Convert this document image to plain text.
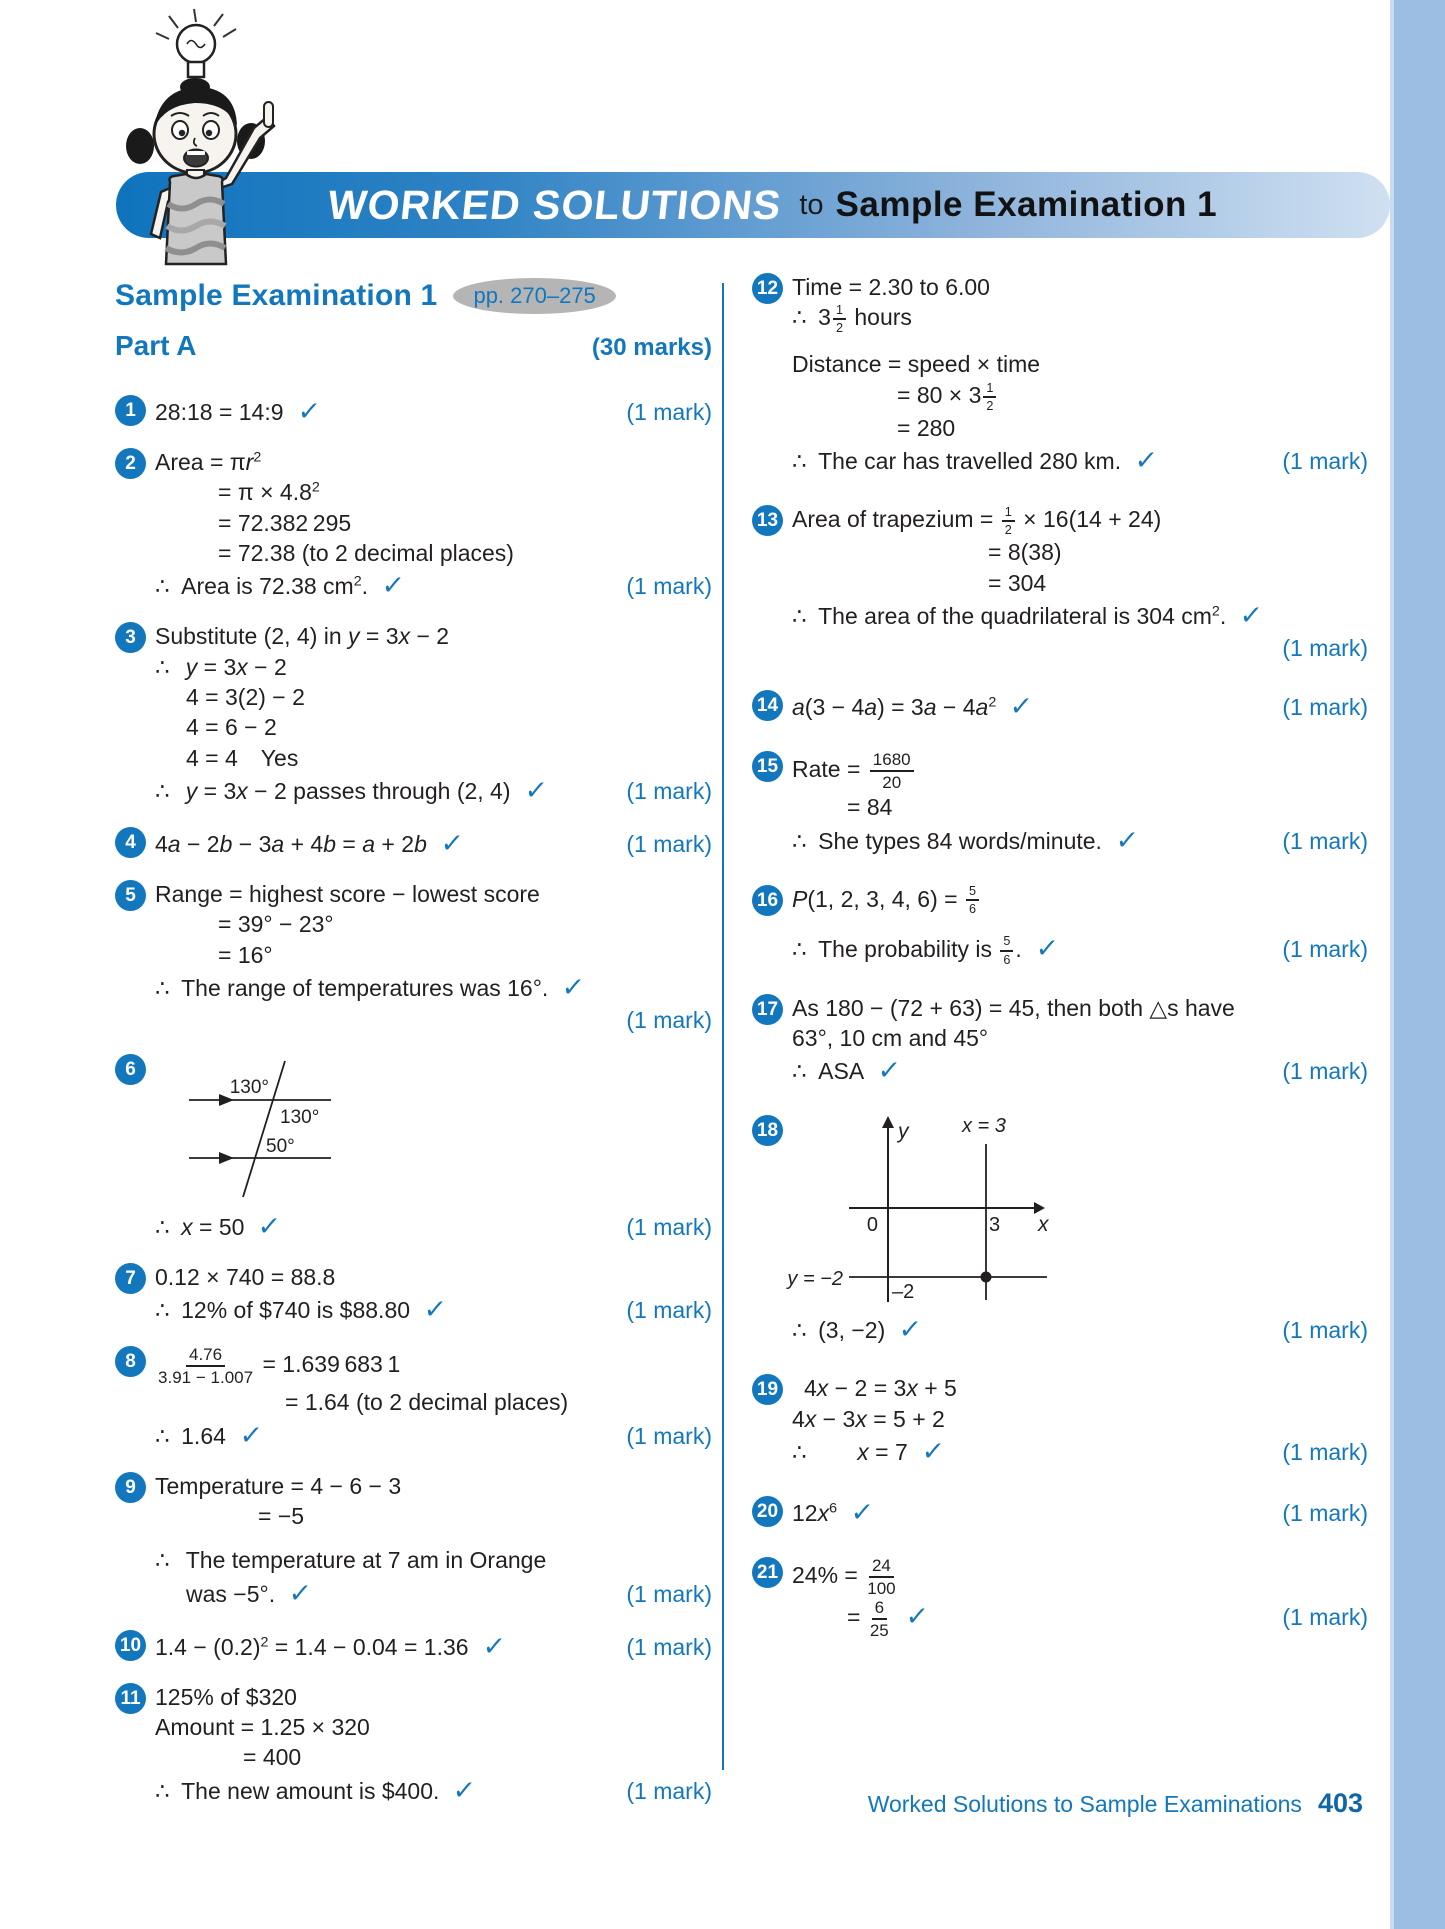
WORKED SOLUTIONS to Sample Examination 1
Sample Examination 1	pp. 270–275
Part A	(30 marks)
1 28:18 = 14:9 ✓	(1 mark)
2 Area = $\pi r^2$
= $\pi \times 4.8^2$
= 72.382 295
= 72.38 (to 2 decimal places)
∴ Area is 72.38 $cm^2$. ✓	(1 mark)
3 Substitute (2, 4) in y = 3x − 2
∴  y = 3x − 2
4 = 3(2) − 2
4 = 6 − 2
4 = 4 Yes
∴  y = 3x − 2 passes through (2, 4) ✓	(1 mark)
4 4a − 2b − 3a + 4b = a + 2b ✓	(1 mark)
5 Range = highest score − lowest score
= 39° − 23°
= 16°
∴ The range of temperatures was 16°. ✓
(1 mark)
6
130°
130°
50°
∴ x = 50 ✓	(1 mark)
7 0.12 × 740 = 88.8
∴ 12% of $740 is $88.80 ✓	(1 mark)
8	$\frac{4.76}{3.91 - 1.007} = 1.639$ 683 1
= 1.64 (to 2 decimal places)
∴ 1.64 ✓	(1 mark)
9 Temperature = 4 − 6 − 3
= −5
∴  The temperature at 7 am in Orange
was −5°. ✓	(1 mark)
10 $1.4 - (0.2)^2 = 1.4 - 0.04 = 1.36$ ✓	(1 mark)
11 125% of $320
Amount = 1.25 × 320
= 400
∴ The new amount is $400. ✓	(1 mark)
12 Time = 2.30 to 6.00
∴ $3 \frac{1}{2}$ hours
Distance = speed × time
= $80 \times 3 \frac{1}{2}$
= 280
∴ The car has travelled 280 km. ✓	(1 mark)
13 Area of trapezium = $\frac{1}{2} \times 16(14 + 24)$
= 8(38)
= 304
∴ The area of the quadrilateral is 304 $cm^2$. ✓
(1 mark)
14 $a(3 - 4a) = 3a - 4a^2$ ✓	(1 mark)
15 Rate = $\frac{1680}{20}$
= 84
∴ She types 84 words/minute. ✓	(1 mark)
16 P(1, 2, 3, 4, $6) = \frac{5}{6}$
∴ The probability is $\frac{5}{6}$ . ✓	(1 mark)
17 As 180 − (72 + 63) = 45, then both △s have
63°, 10 cm and 45°
∴ ASA ✓	(1 mark)
18	y
x
x = 3
0	3
y = −2
–2
∴ (3, −2) ✓	(1 mark)
19	4x − 2 = 3x + 5
4x − 3x = 5 + 2
∴   x = 7 ✓	(1 mark)
20 $12x^6$ ✓	(1 mark)
21 $24\% = \frac{24}{100}$
= $\frac{6}{25}$ ✓	(1 mark)
Worked Solutions to Sample Examinations 403
